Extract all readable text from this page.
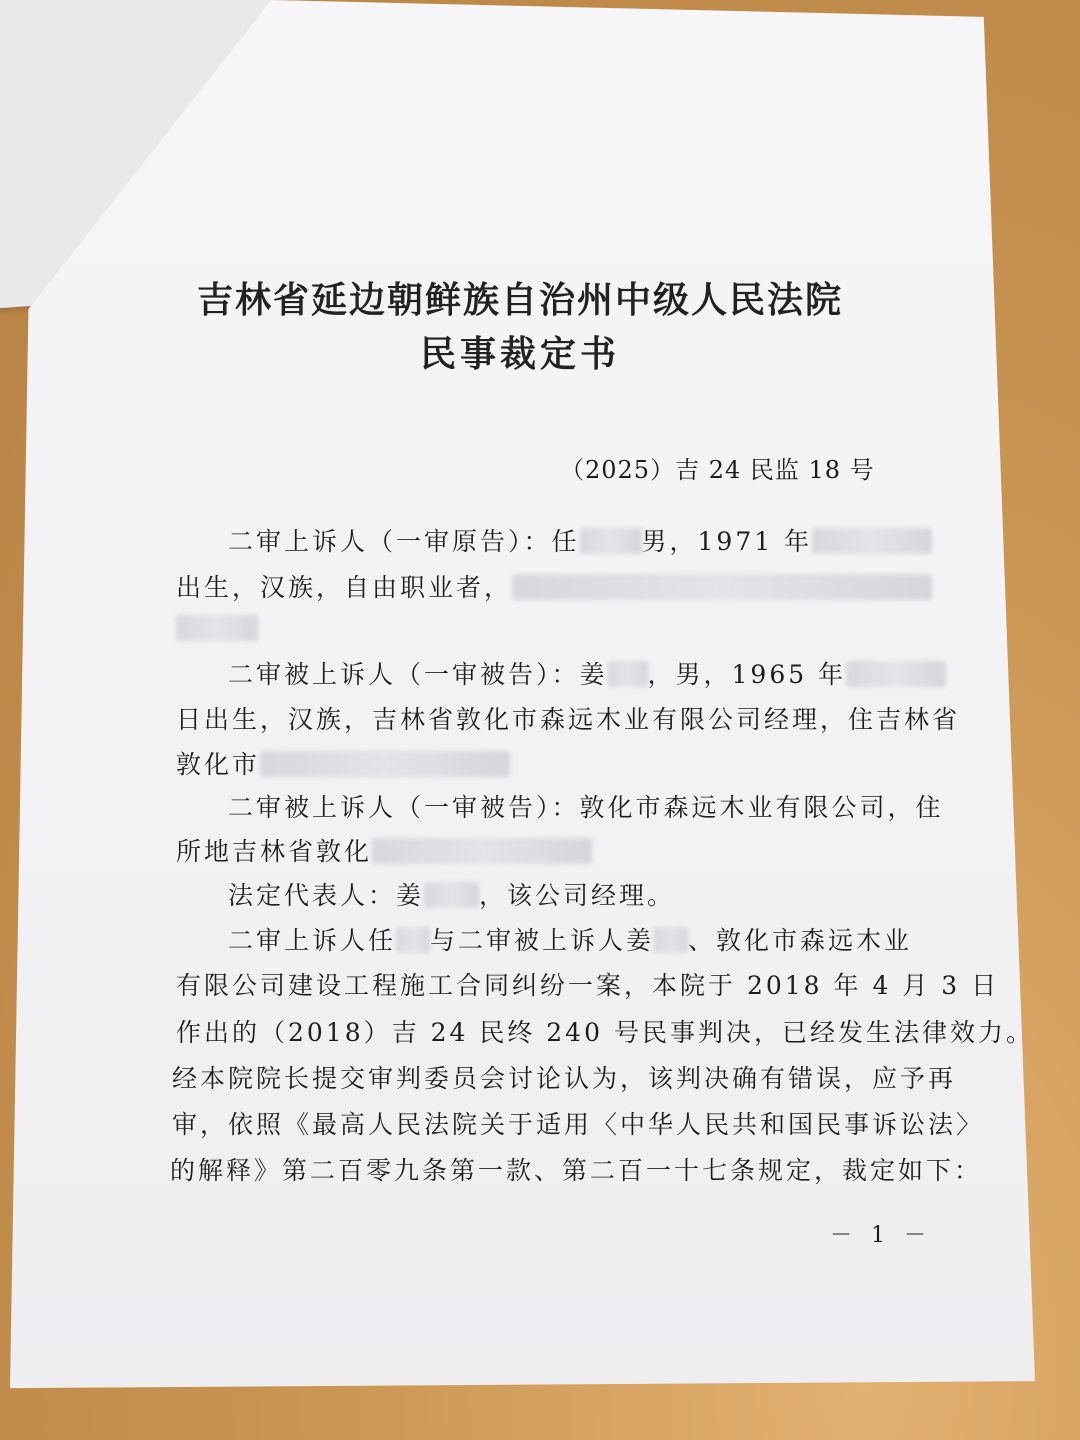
吉林省延边朝鲜族自治州中级人民法院
民事裁定书
（2025）吉 24 民监 18 号
二审上诉人（一审原告）：任 男，1971 年
出生，汉族，自由职业者，
二审被上诉人（一审被告）：姜 ，男，1965 年
日出生，汉族，吉林省敦化市森远木业有限公司经理，住吉林省
敦化市
二审被上诉人（一审被告）：敦化市森远木业有限公司，住
所地吉林省敦化
法定代表人：姜 ，该公司经理。
二审上诉人任 与二审被上诉人姜 、敦化市森远木业
有限公司建设工程施工合同纠纷一案，本院于 2018 年 4 月 3 日
作出的（2018）吉 24 民终 240 号民事判决，已经发生法律效力。
经本院院长提交审判委员会讨论认为，该判决确有错误，应予再
审，依照《最高人民法院关于适用〈中华人民共和国民事诉讼法〉
的解释》第二百零九条第一款、第二百一十七条规定，裁定如下：
－ 1 －
